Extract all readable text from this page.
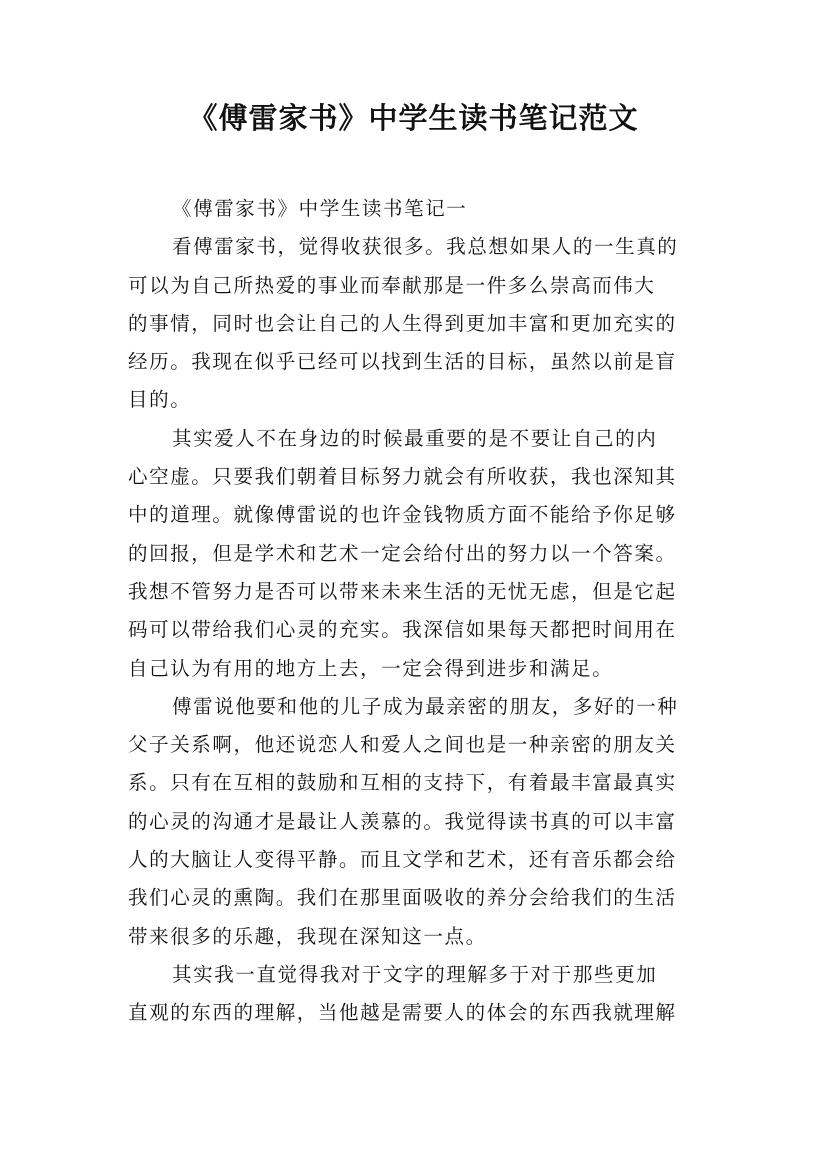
《傅雷家书》中学生读书笔记范文
《傅雷家书》中学生读书笔记一
看傅雷家书，觉得收获很多。我总想如果人的一生真的
可以为自己所热爱的事业而奉献那是一件多么崇高而伟大
的事情，同时也会让自己的人生得到更加丰富和更加充实的
经历。我现在似乎已经可以找到生活的目标，虽然以前是盲
目的。
其实爱人不在身边的时候最重要的是不要让自己的内
心空虚。只要我们朝着目标努力就会有所收获，我也深知其
中的道理。就像傅雷说的也许金钱物质方面不能给予你足够
的回报，但是学术和艺术一定会给付出的努力以一个答案。
我想不管努力是否可以带来未来生活的无忧无虑，但是它起
码可以带给我们心灵的充实。我深信如果每天都把时间用在
自己认为有用的地方上去，一定会得到进步和满足。
傅雷说他要和他的儿子成为最亲密的朋友，多好的一种
父子关系啊，他还说恋人和爱人之间也是一种亲密的朋友关
系。只有在互相的鼓励和互相的支持下，有着最丰富最真实
的心灵的沟通才是最让人羡慕的。我觉得读书真的可以丰富
人的大脑让人变得平静。而且文学和艺术，还有音乐都会给
我们心灵的熏陶。我们在那里面吸收的养分会给我们的生活
带来很多的乐趣，我现在深知这一点。
其实我一直觉得我对于文字的理解多于对于那些更加
直观的东西的理解，当他越是需要人的体会的东西我就理解
